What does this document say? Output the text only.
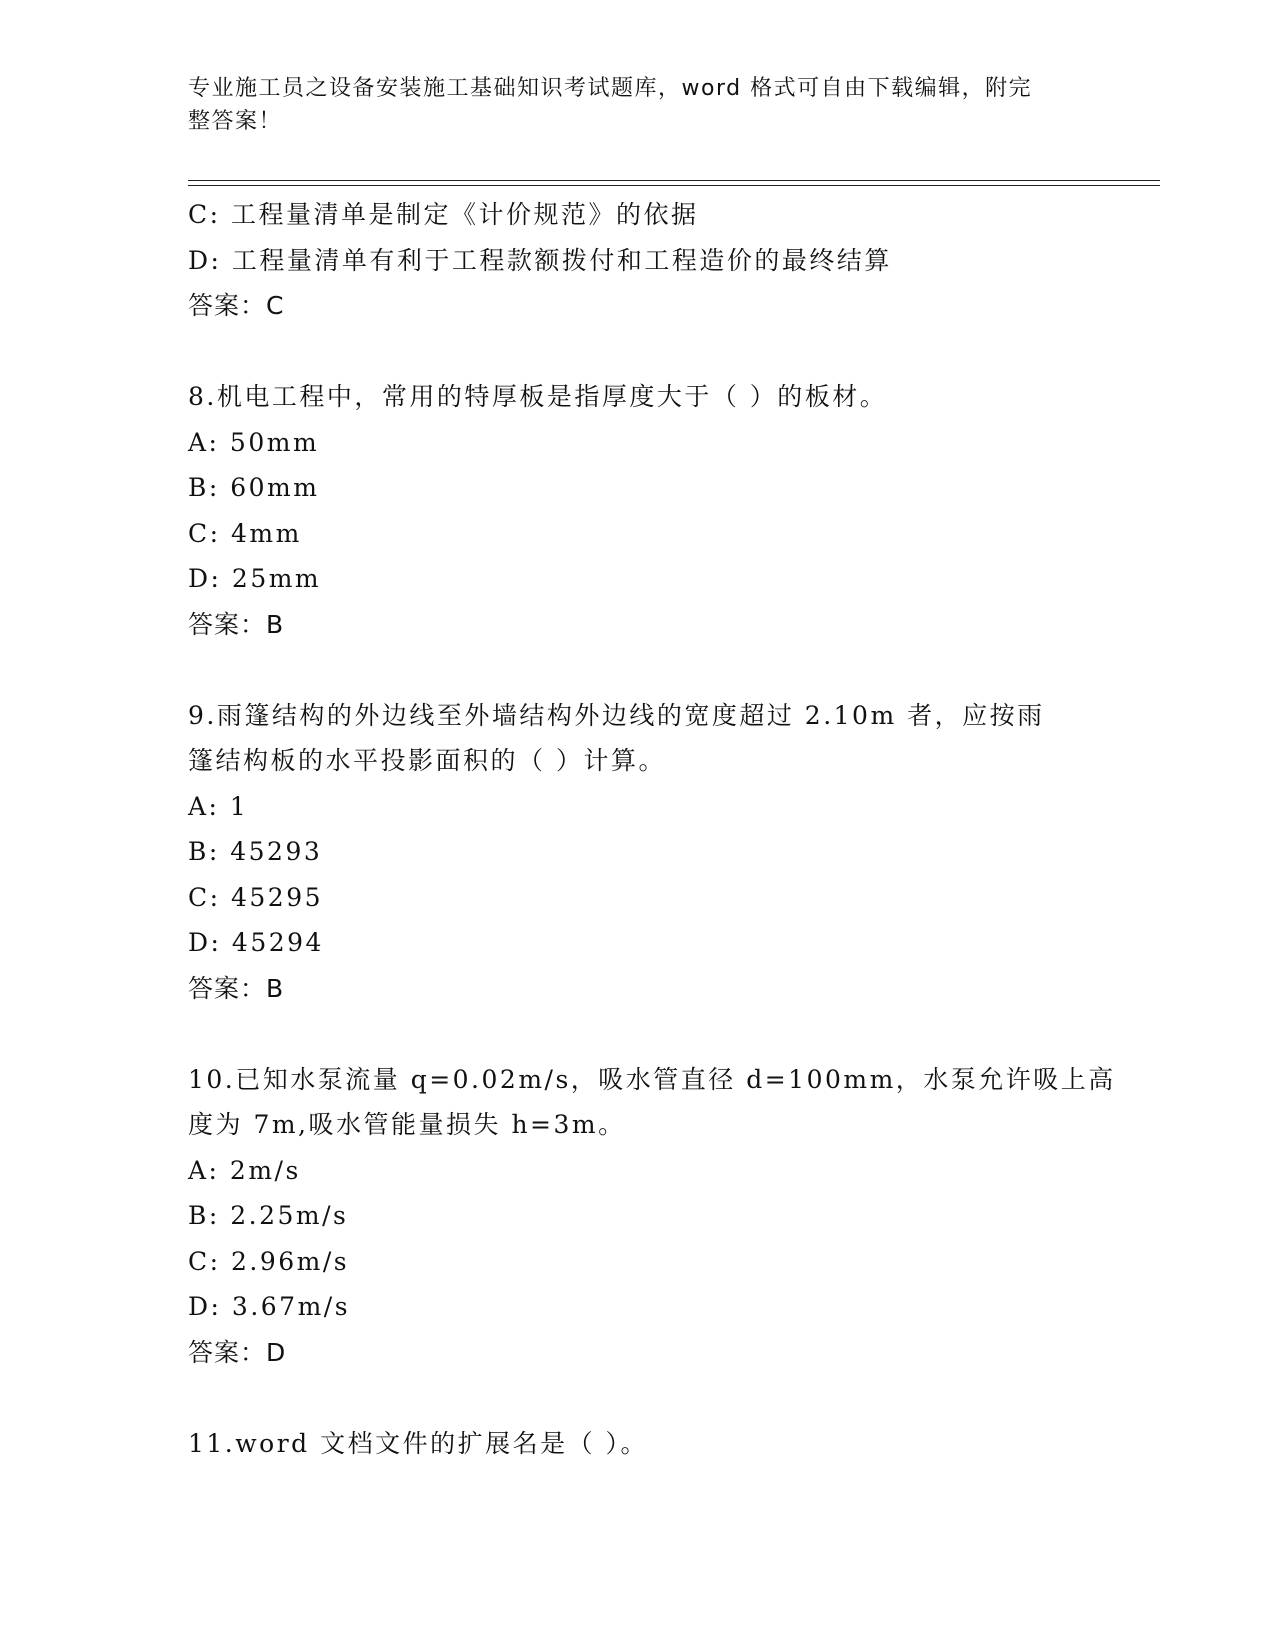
专业施工员之设备安装施工基础知识考试题库，word 格式可自由下载编辑，附完
整答案！
C: 工程量清单是制定《计价规范》的依据
D: 工程量清单有利于工程款额拨付和工程造价的最终结算
答案：C
8.机电工程中，常用的特厚板是指厚度大于（ ）的板材。
A: 50mm
B: 60mm
C: 4mm
D: 25mm
答案：B
9.雨篷结构的外边线至外墙结构外边线的宽度超过 2.10m 者，应按雨
篷结构板的水平投影面积的（ ）计算。
A: 1
B: 45293
C: 45295
D: 45294
答案：B
10.已知水泵流量 q=0.02m/s，吸水管直径 d=100mm，水泵允许吸上高
度为 7m,吸水管能量损失 h=3m。
A: 2m/s
B: 2.25m/s
C: 2.96m/s
D: 3.67m/s
答案：D
11.word 文档文件的扩展名是（ ）。
